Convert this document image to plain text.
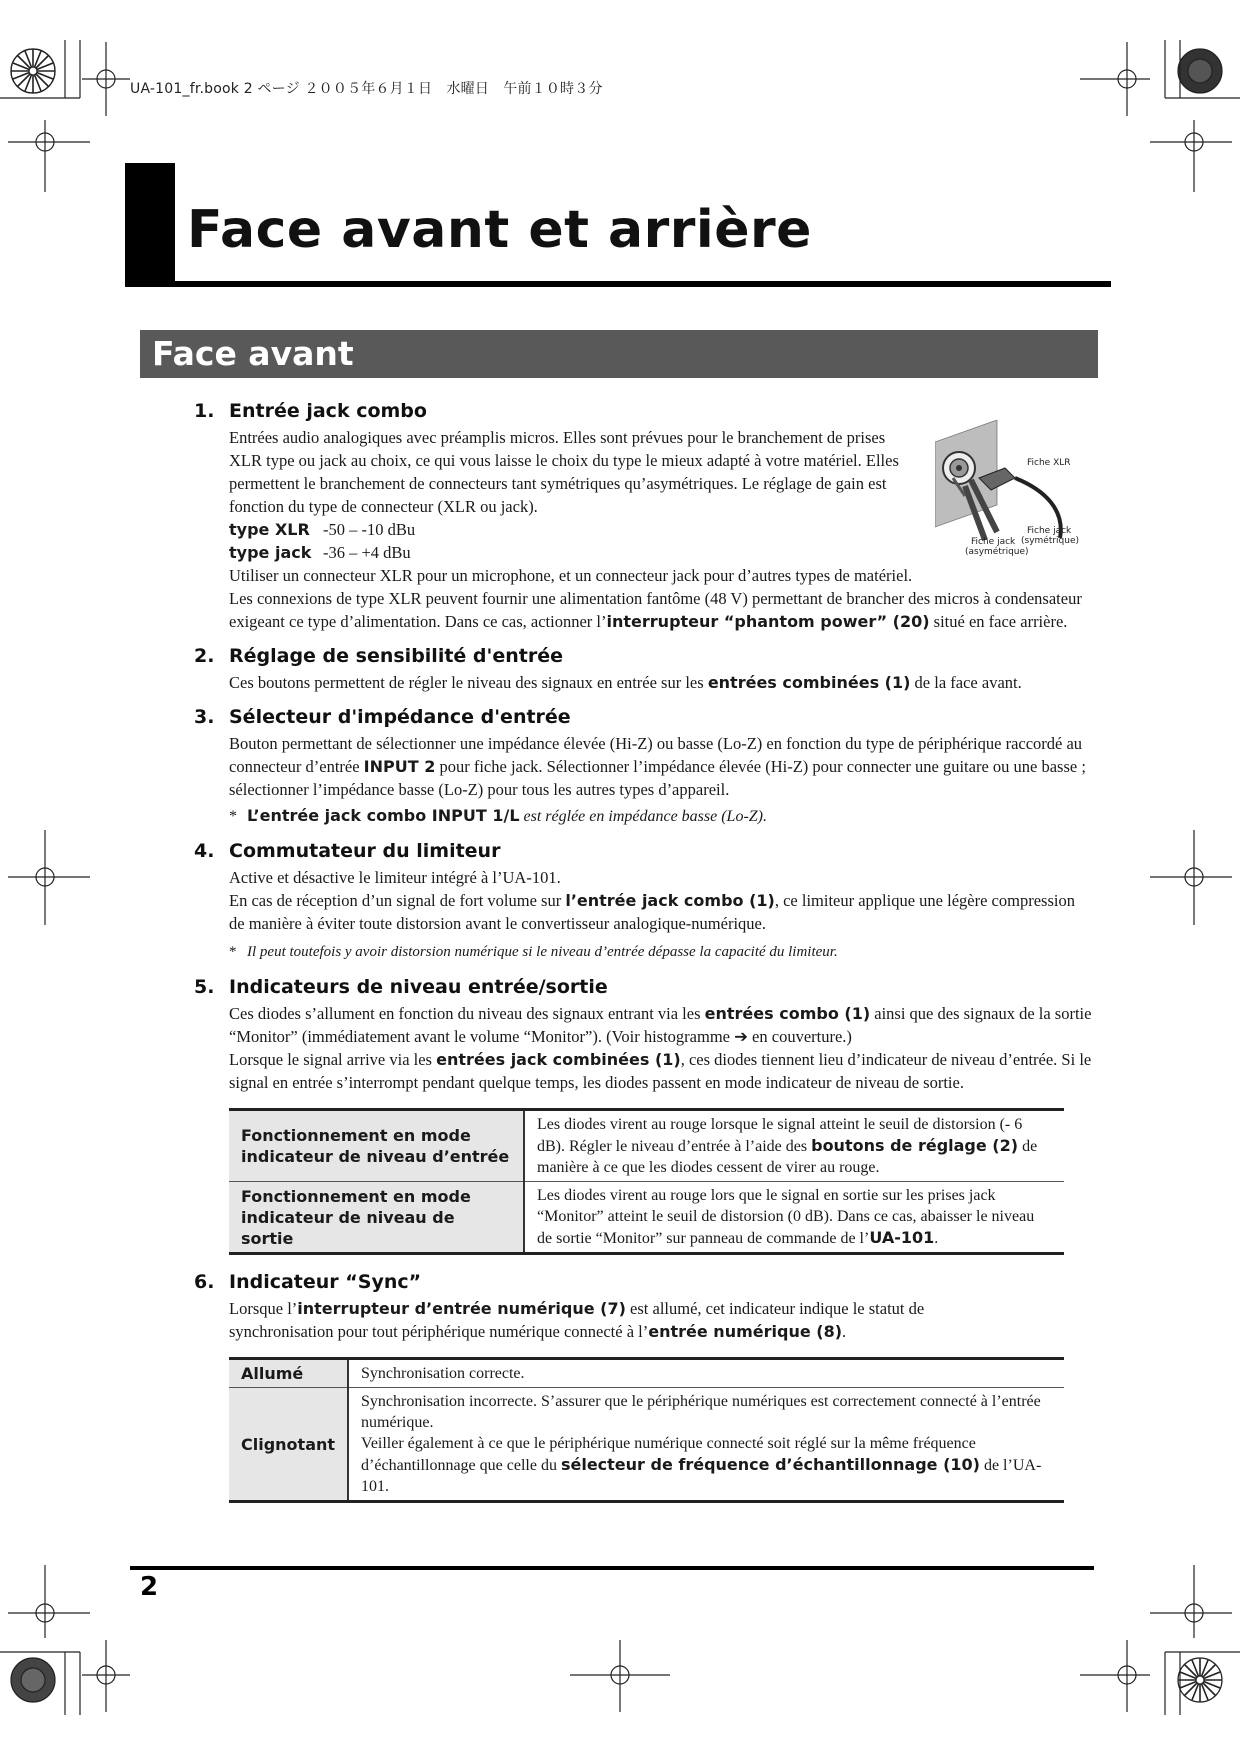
UA-101_fr.book 2 ページ ２００５年６月１日　水曜日　午前１０時３分
Face avant et arrière
Face avant
Fiche XLR
Fiche jack
(asymétrique)
Fiche jack
(symétrique)
1. Entrée jack combo

Entrées audio analogiques avec préamplis micros. Elles sont prévues pour le branchement de prises XLR type ou jack au choix, ce qui vous laisse le choix du type le mieux adapté à votre matériel. Elles permettent le branchement de connecteurs tant symétriques qu’asymétriques. Le réglage de gain est fonction du type de connecteur (XLR ou jack).

type XLR -50 – -10 dBu
type jack -36 – +4 dBu

Utiliser un connecteur XLR pour un microphone, et un connecteur jack pour d’autres types de matériel.

Les connexions de type XLR peuvent fournir une alimentation fantôme (48 V) permettant de brancher des micros à condensateur exigeant ce type d’alimentation. Dans ce cas, actionner l’interrupteur “phantom power” (20) situé en face arrière.

2. Réglage de sensibilité d'entrée

Ces boutons permettent de régler le niveau des signaux en entrée sur les entrées combinées (1) de la face avant.

3. Sélecteur d'impédance d'entrée

Bouton permettant de sélectionner une impédance élevée (Hi-Z) ou basse (Lo-Z) en fonction du type de périphérique raccordé au connecteur d’entrée INPUT 2 pour fiche jack. Sélectionner l’impédance élevée (Hi-Z) pour connecter une guitare ou une basse ; sélectionner l’impédance basse (Lo-Z) pour tous les autres types d’appareil.

* L’entrée jack combo INPUT 1/L est réglée en impédance basse (Lo-Z).

4. Commutateur du limiteur

Active et désactive le limiteur intégré à l’UA-101.

En cas de réception d’un signal de fort volume sur l’entrée jack combo (1), ce limiteur applique une légère compression de manière à éviter toute distorsion avant le convertisseur analogique-numérique.

* Il peut toutefois y avoir distorsion numérique si le niveau d’entrée dépasse la capacité du limiteur.

5. Indicateurs de niveau entrée/sortie

Ces diodes s’allument en fonction du niveau des signaux entrant via les entrées combo (1) ainsi que des signaux de la sortie “Monitor” (immédiatement avant le volume “Monitor”). (Voir histogramme ➔ en couverture.)

Lorsque le signal arrive via les entrées jack combinées (1), ces diodes tiennent lieu d’indicateur de niveau d’entrée. Si le signal en entrée s’interrompt pendant quelque temps, les diodes passent en mode indicateur de niveau de sortie.

Fonctionnement en mode indicateur de niveau d’entrée	Les diodes virent au rouge lorsque le signal atteint le seuil de distorsion (- 6 dB). Régler le niveau d’entrée à l’aide des boutons de réglage (2) de manière à ce que les diodes cessent de virer au rouge.
Fonctionnement en mode indicateur de niveau de sortie	Les diodes virent au rouge lors que le signal en sortie sur les prises jack “Monitor” atteint le seuil de distorsion (0 dB). Dans ce cas, abaisser le niveau de sortie “Monitor” sur panneau de commande de l’UA-101.
6. Indicateur “Sync”

Lorsque l’interrupteur d’entrée numérique (7) est allumé, cet indicateur indique le statut de synchronisation pour tout périphérique numérique connecté à l’entrée numérique (8).

Allumé	Synchronisation correcte.
Clignotant	Synchronisation incorrecte. S’assurer que le périphérique numériques est correctement connecté à l’entrée numérique.
Veiller également à ce que le périphérique numérique connecté soit réglé sur la même fréquence d’échantillonnage que celle du sélecteur de fréquence d’échantillonnage (10) de l’UA-101.
2
